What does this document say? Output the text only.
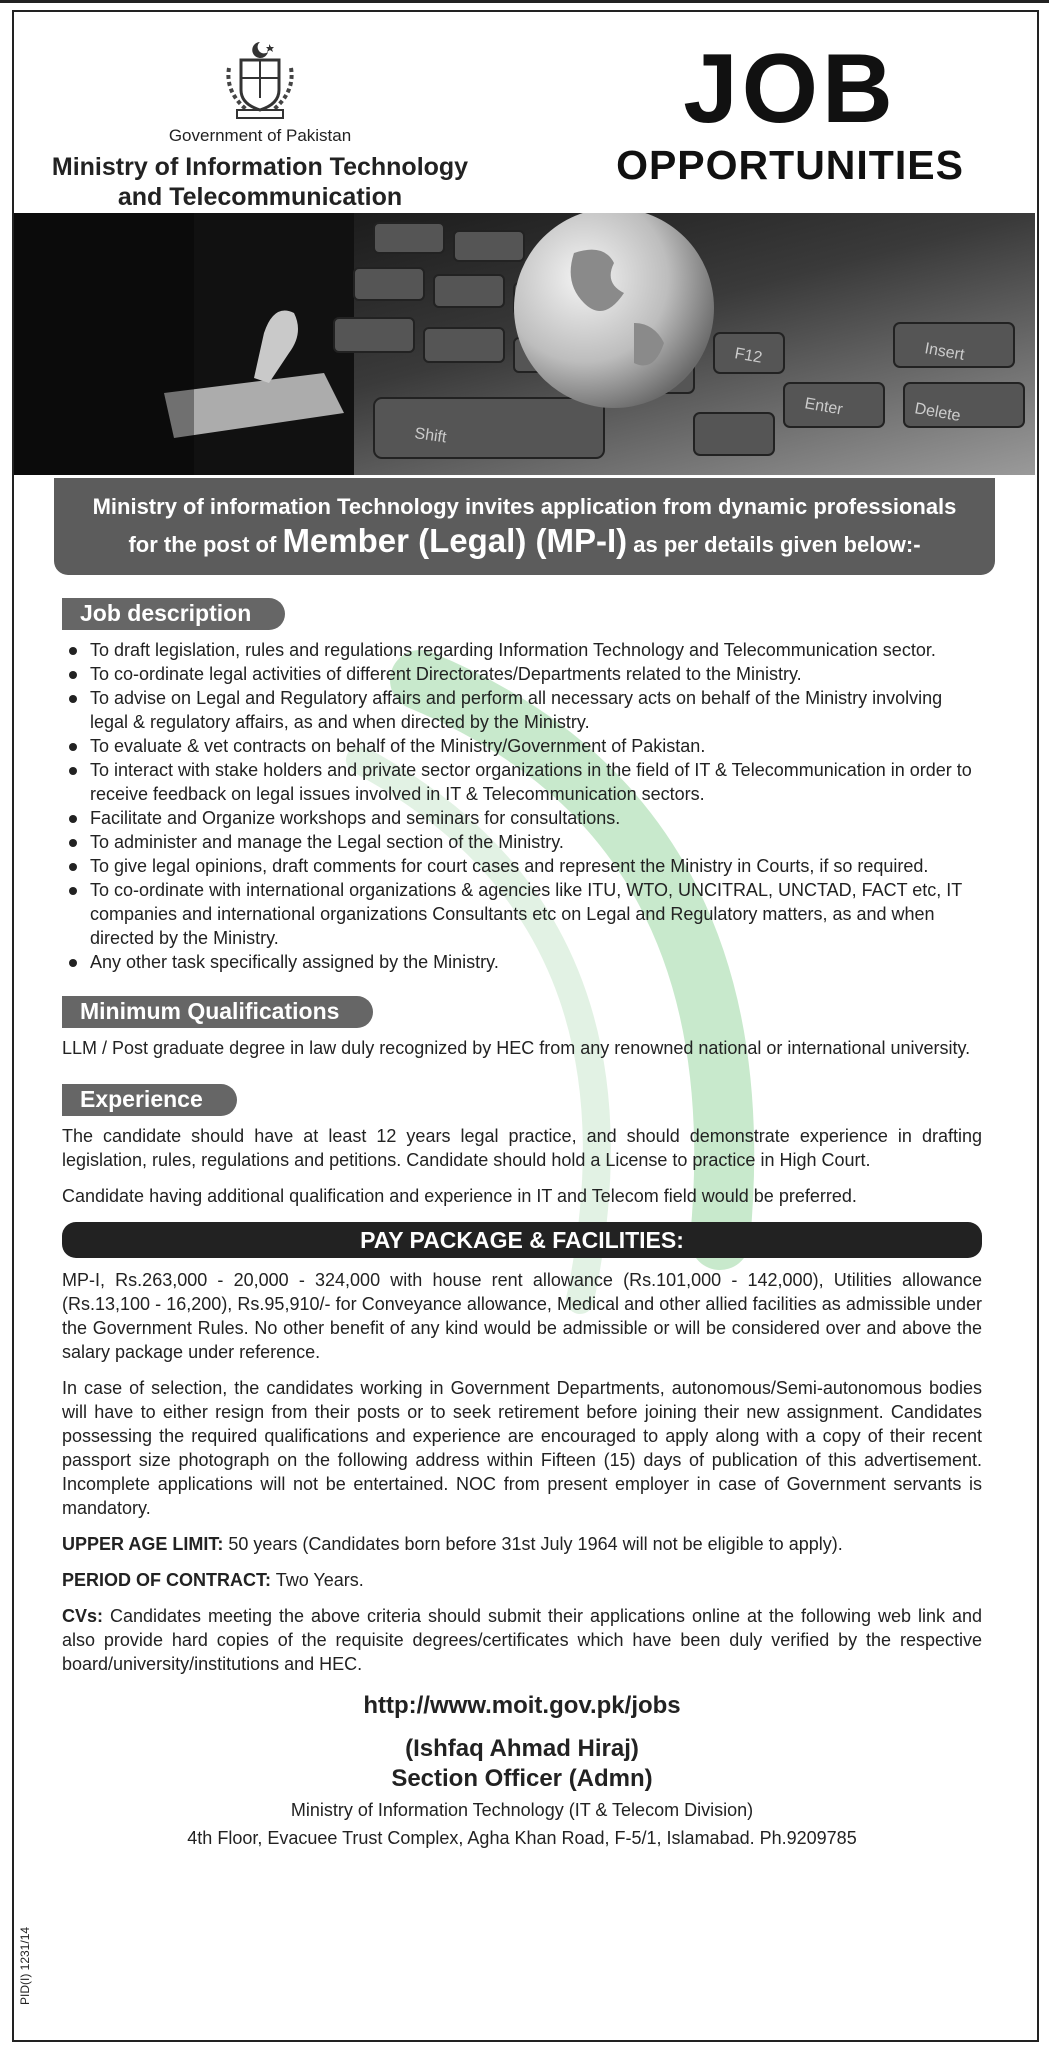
Government of Pakistan
Ministry of Information Technology
and Telecommunication
JOB
OPPORTUNITIES
Shift
Delete
Insert
Enter
F12
Ministry of information Technology invites application from dynamic professionals
for the post of Member (Legal) (MP-I) as per details given below:-
Job description
To draft legislation, rules and regulations regarding Information Technology and Telecommunication sector.
To co-ordinate legal activities of different Directorates/Departments related to the Ministry.
To advise on Legal and Regulatory affairs and perform all necessary acts on behalf of the Ministry involving legal & regulatory affairs, as and when directed by the Ministry.
To evaluate & vet contracts on behalf of the Ministry/Government of Pakistan.
To interact with stake holders and private sector organizations in the field of IT & Telecommunication in order to receive feedback on legal issues involved in IT & Telecommunication sectors.
Facilitate and Organize workshops and seminars for consultations.
To administer and manage the Legal section of the Ministry.
To give legal opinions, draft comments for court cases and represent the Ministry in Courts, if so required.
To co-ordinate with international organizations & agencies like ITU, WTO, UNCITRAL, UNCTAD, FACT etc, IT companies and international organizations Consultants etc on Legal and Regulatory matters, as and when directed by the Ministry.
Any other task specifically assigned by the Ministry.
Minimum Qualifications

LLM / Post graduate degree in law duly recognized by HEC from any renowned national or international university.

Experience

The candidate should have at least 12 years legal practice, and should demonstrate experience in drafting legislation, rules, regulations and petitions. Candidate should hold a License to practice in High Court.

Candidate having additional qualification and experience in IT and Telecom field would be preferred.

PAY PACKAGE & FACILITIES:

MP-I, Rs.263,000 - 20,000 - 324,000 with house rent allowance (Rs.101,000 - 142,000), Utilities allowance (Rs.13,100 - 16,200), Rs.95,910/- for Conveyance allowance, Medical and other allied facilities as admissible under the Government Rules. No other benefit of any kind would be admissible or will be considered over and above the salary package under reference.

In case of selection, the candidates working in Government Departments, autonomous/Semi-autonomous bodies will have to either resign from their posts or to seek retirement before joining their new assignment. Candidates possessing the required qualifications and experience are encouraged to apply along with a copy of their recent passport size photograph on the following address within Fifteen (15) days of publication of this advertisement. Incomplete applications will not be entertained. NOC from present employer in case of Government servants is mandatory.

UPPER AGE LIMIT: 50 years (Candidates born before 31st July 1964 will not be eligible to apply).

PERIOD OF CONTRACT: Two Years.

CVs: Candidates meeting the above criteria should submit their applications online at the following web link and also provide hard copies of the requisite degrees/certificates which have been duly verified by the respective board/university/institutions and HEC.

http://www.moit.gov.pk/jobs
(Ishfaq Ahmad Hiraj)
Section Officer (Admn)
Ministry of Information Technology (IT & Telecom Division)
4th Floor, Evacuee Trust Complex, Agha Khan Road, F-5/1, Islamabad. Ph.9209785
PID(I) 1231/14
